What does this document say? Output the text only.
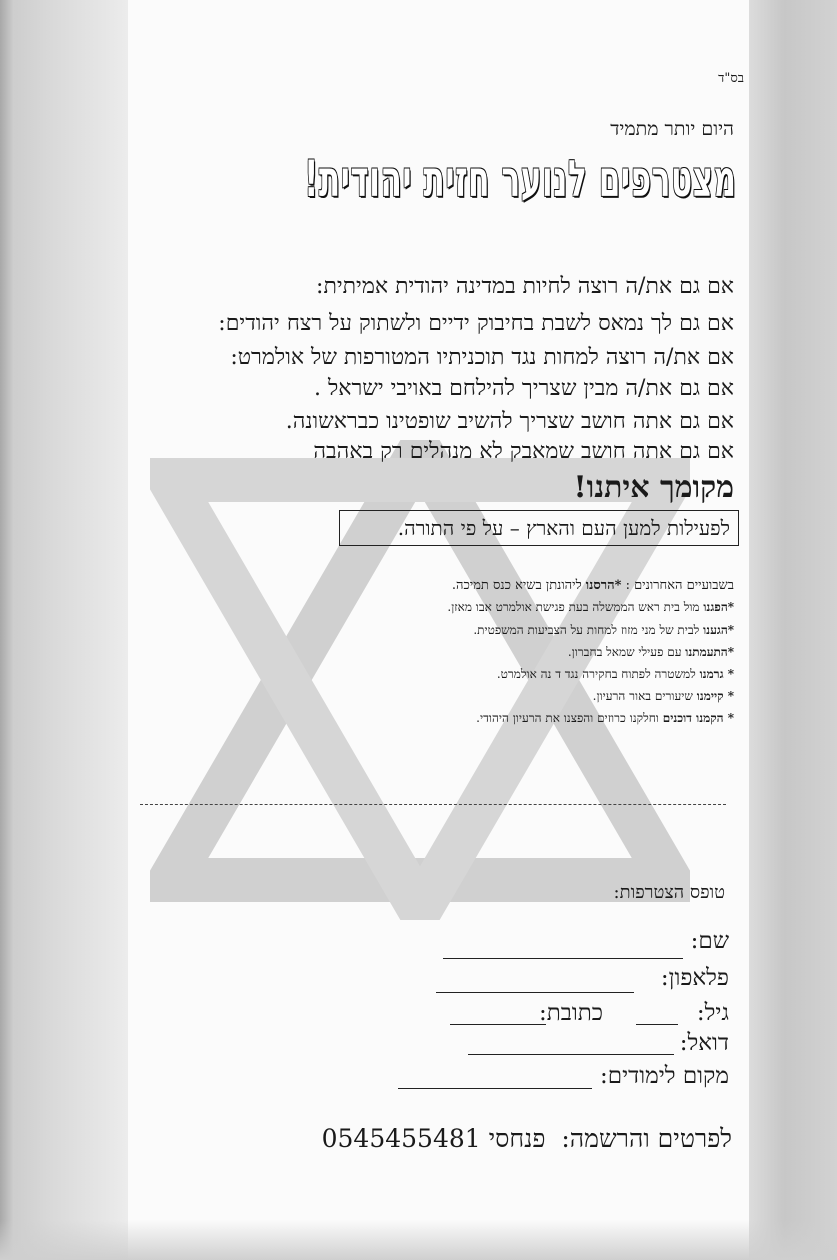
בס"ד
היום יותר מתמיד
מצטרפים לנוער חזית יהודית!
אם גם את/ה רוצה לחיות במדינה יהודית אמיתית:
אם גם לך נמאס לשבת בחיבוק ידיים ולשתוק על רצח יהודים:
אם את/ה רוצה למחות נגד תוכניתיו המטורפות של אולמרט:
אם גם את/ה מבין שצריך להילחם באויבי ישראל .
אם גם אתה חושב שצריך להשיב שופטינו כבראשונה.
אם גם אתה חושב שמאבק לא מנהלים רק באהבה
מקומך איתנו!
לפעילות למען העם והארץ – על פי התורה.
בשבועיים האחרונים : *הרסנו ליהונתן בשיא כנס תמיכה.
*הפגנו מול בית ראש הממשלה בעת פגישת אולמרט אבו מאזן.
*הגענו לבית של מני מזוז למחות על הצביעות המשפטית.
*התעמתנו עם פעילי שמאל בחברון.
* גרמנו למשטרה לפתוח בחקירה נגד ד נה אולמרט.
* קיימנו שיעורים באור הרעיון.
* הקמנו דוכנים וחלקנו כרוזים והפצנו את הרעיון היהודי.
טופס הצטרפות:
שם:
פלאפון:
גיל:
כתובת:
דואל:
מקום לימודים:
לפרטים והרשמה:  פנחסי 0545455481
